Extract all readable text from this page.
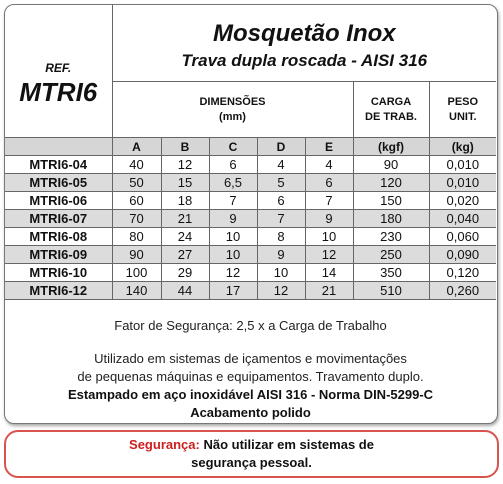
REF.
MTRI6	Mosquetão Inox
Trava dupla roscada - AISI 316						

	DIMENSÕES
(mm)					CARGA
DE TRAB.	PESO
UNIT.
	A	B	C	D	E	(kgf)	(kg)
MTRI6-04	40	12	6	4	4	90	0,010
MTRI6-05	50	15	6,5	5	6	120	0,010
MTRI6-06	60	18	7	6	7	150	0,020
MTRI6-07	70	21	9	7	9	180	0,040
MTRI6-08	80	24	10	8	10	230	0,060
MTRI6-09	90	27	10	9	12	250	0,090
MTRI6-10	100	29	12	10	14	350	0,120
MTRI6-12	140	44	17	12	21	510	0,260
Fator de Segurança: 2,5 x a Carga de Trabalho
Utilizado em sistemas de içamentos e movimentações
de pequenas máquinas e equipamentos. Travamento duplo.
Estampado em aço inoxidável AISI 316 - Norma DIN-5299-C
Acabamento polido
Segurança: Não utilizar em sistemas de
segurança pessoal.
